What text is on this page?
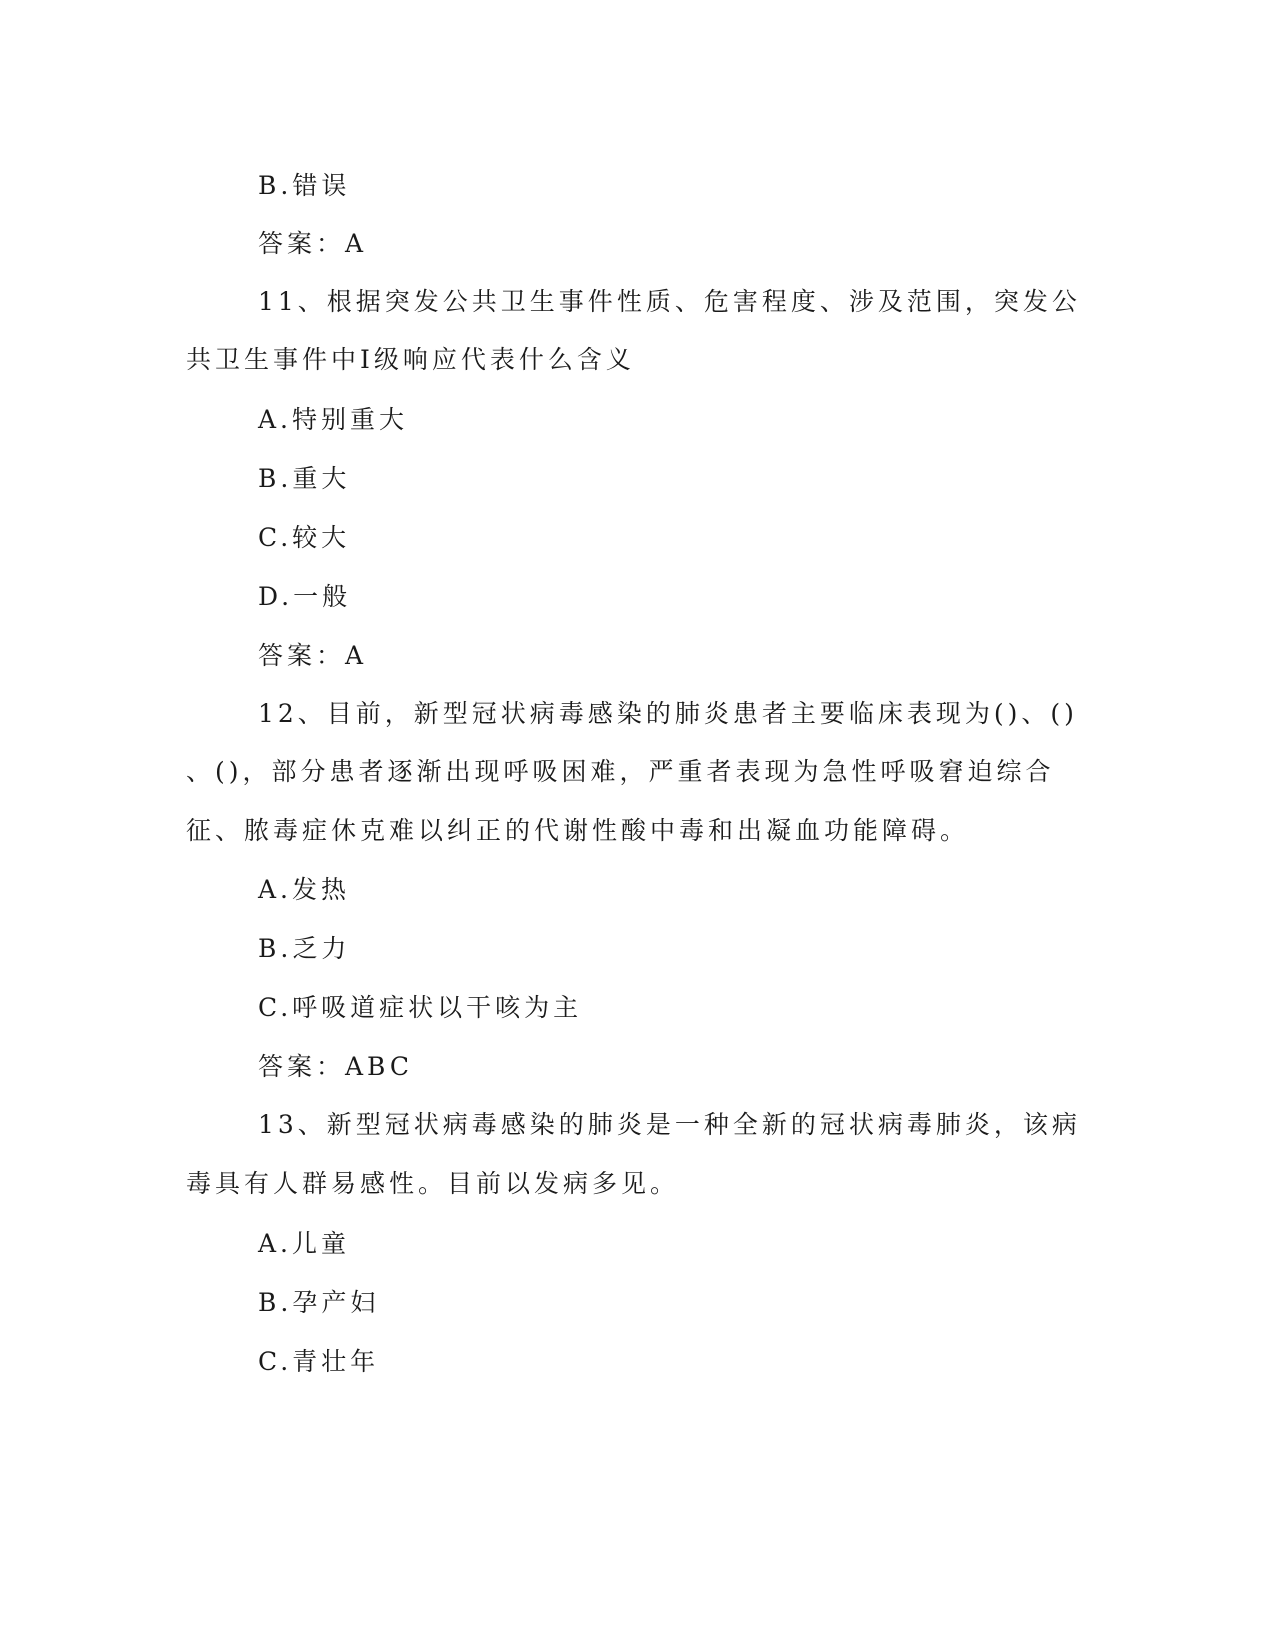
B.错误
答案：A
11、根据突发公共卫生事件性质、危害程度、涉及范围，突发公
共卫生事件中Ⅰ级响应代表什么含义
A.特别重大
B.重大
C.较大
D.一般
答案：A
12、目前，新型冠状病毒感染的肺炎患者主要临床表现为()、()
、()，部分患者逐渐出现呼吸困难，严重者表现为急性呼吸窘迫综合
征、脓毒症休克难以纠正的代谢性酸中毒和出凝血功能障碍。
A.发热
B.乏力
C.呼吸道症状以干咳为主
答案：ABC
13、新型冠状病毒感染的肺炎是一种全新的冠状病毒肺炎，该病
毒具有人群易感性。目前以发病多见。
A.儿童
B.孕产妇
C.青壮年
